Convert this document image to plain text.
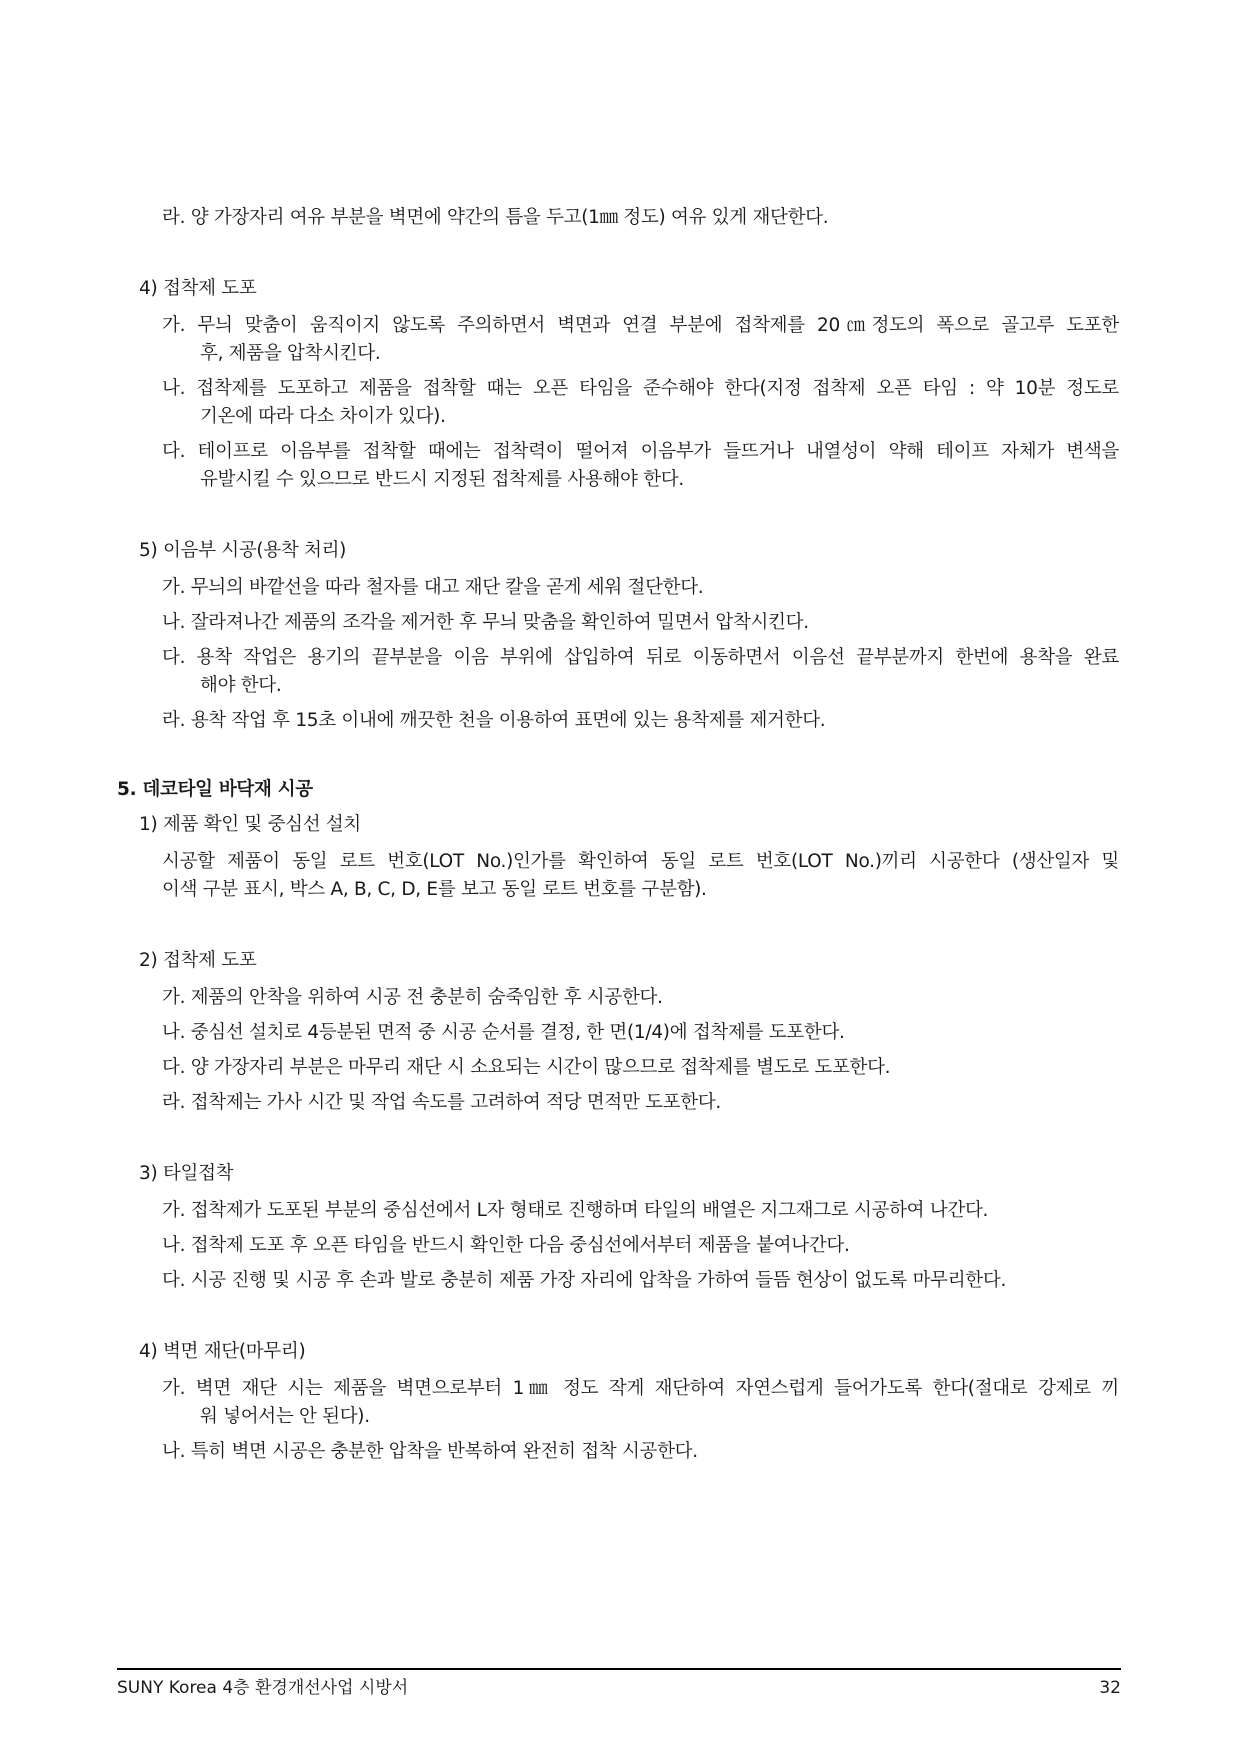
라. 양 가장자리 여유 부분을 벽면에 약간의 틈을 두고(1㎜ 정도) 여유 있게 재단한다.
4) 접착제 도포
가. 무늬 맞춤이 움직이지 않도록 주의하면서 벽면과 연결 부분에 접착제를 20㎝정도의 폭으로 골고루 도포한
후, 제품을 압착시킨다.
나. 접착제를 도포하고 제품을 접착할 때는 오픈 타임을 준수해야 한다(지정 접착제 오픈 타임 : 약 10분 정도로
기온에 따라 다소 차이가 있다).
다. 테이프로 이음부를 접착할 때에는 접착력이 떨어져 이음부가 들뜨거나 내열성이 약해 테이프 자체가 변색을
유발시킬 수 있으므로 반드시 지정된 접착제를 사용해야 한다.
5) 이음부 시공(용착 처리)
가. 무늬의 바깥선을 따라 철자를 대고 재단 칼을 곧게 세워 절단한다.
나. 잘라져나간 제품의 조각을 제거한 후 무늬 맞춤을 확인하여 밀면서 압착시킨다.
다. 용착 작업은 용기의 끝부분을 이음 부위에 삽입하여 뒤로 이동하면서 이음선 끝부분까지 한번에 용착을 완료
해야 한다.
라. 용착 작업 후 15초 이내에 깨끗한 천을 이용하여 표면에 있는 용착제를 제거한다.
5. 데코타일 바닥재 시공
1) 제품 확인 및 중심선 설치
시공할 제품이 동일 로트 번호(LOT No.)인가를 확인하여 동일 로트 번호(LOT No.)끼리 시공한다 (생산일자 및
이색 구분 표시, 박스 A, B, C, D, E를 보고 동일 로트 번호를 구분함).
2) 접착제 도포
가. 제품의 안착을 위하여 시공 전 충분히 숨죽임한 후 시공한다.
나. 중심선 설치로 4등분된 면적 중 시공 순서를 결정, 한 면(1/4)에 접착제를 도포한다.
다. 양 가장자리 부분은 마무리 재단 시 소요되는 시간이 많으므로 접착제를 별도로 도포한다.
라. 접착제는 가사 시간 및 작업 속도를 고려하여 적당 면적만 도포한다.
3) 타일접착
가. 접착제가 도포된 부분의 중심선에서 L자 형태로 진행하며 타일의 배열은 지그재그로 시공하여 나간다.
나. 접착제 도포 후 오픈 타임을 반드시 확인한 다음 중심선에서부터 제품을 붙여나간다.
다. 시공 진행 및 시공 후 손과 발로 충분히 제품 가장 자리에 압착을 가하여 들뜸 현상이 없도록 마무리한다.
4) 벽면 재단(마무리)
가. 벽면 재단 시는 제품을 벽면으로부터 1㎜ 정도 작게 재단하여 자연스럽게 들어가도록 한다(절대로 강제로 끼
워 넣어서는 안 된다).
나. 특히 벽면 시공은 충분한 압착을 반복하여 완전히 접착 시공한다.
SUNY Korea 4층 환경개선사업 시방서	32
